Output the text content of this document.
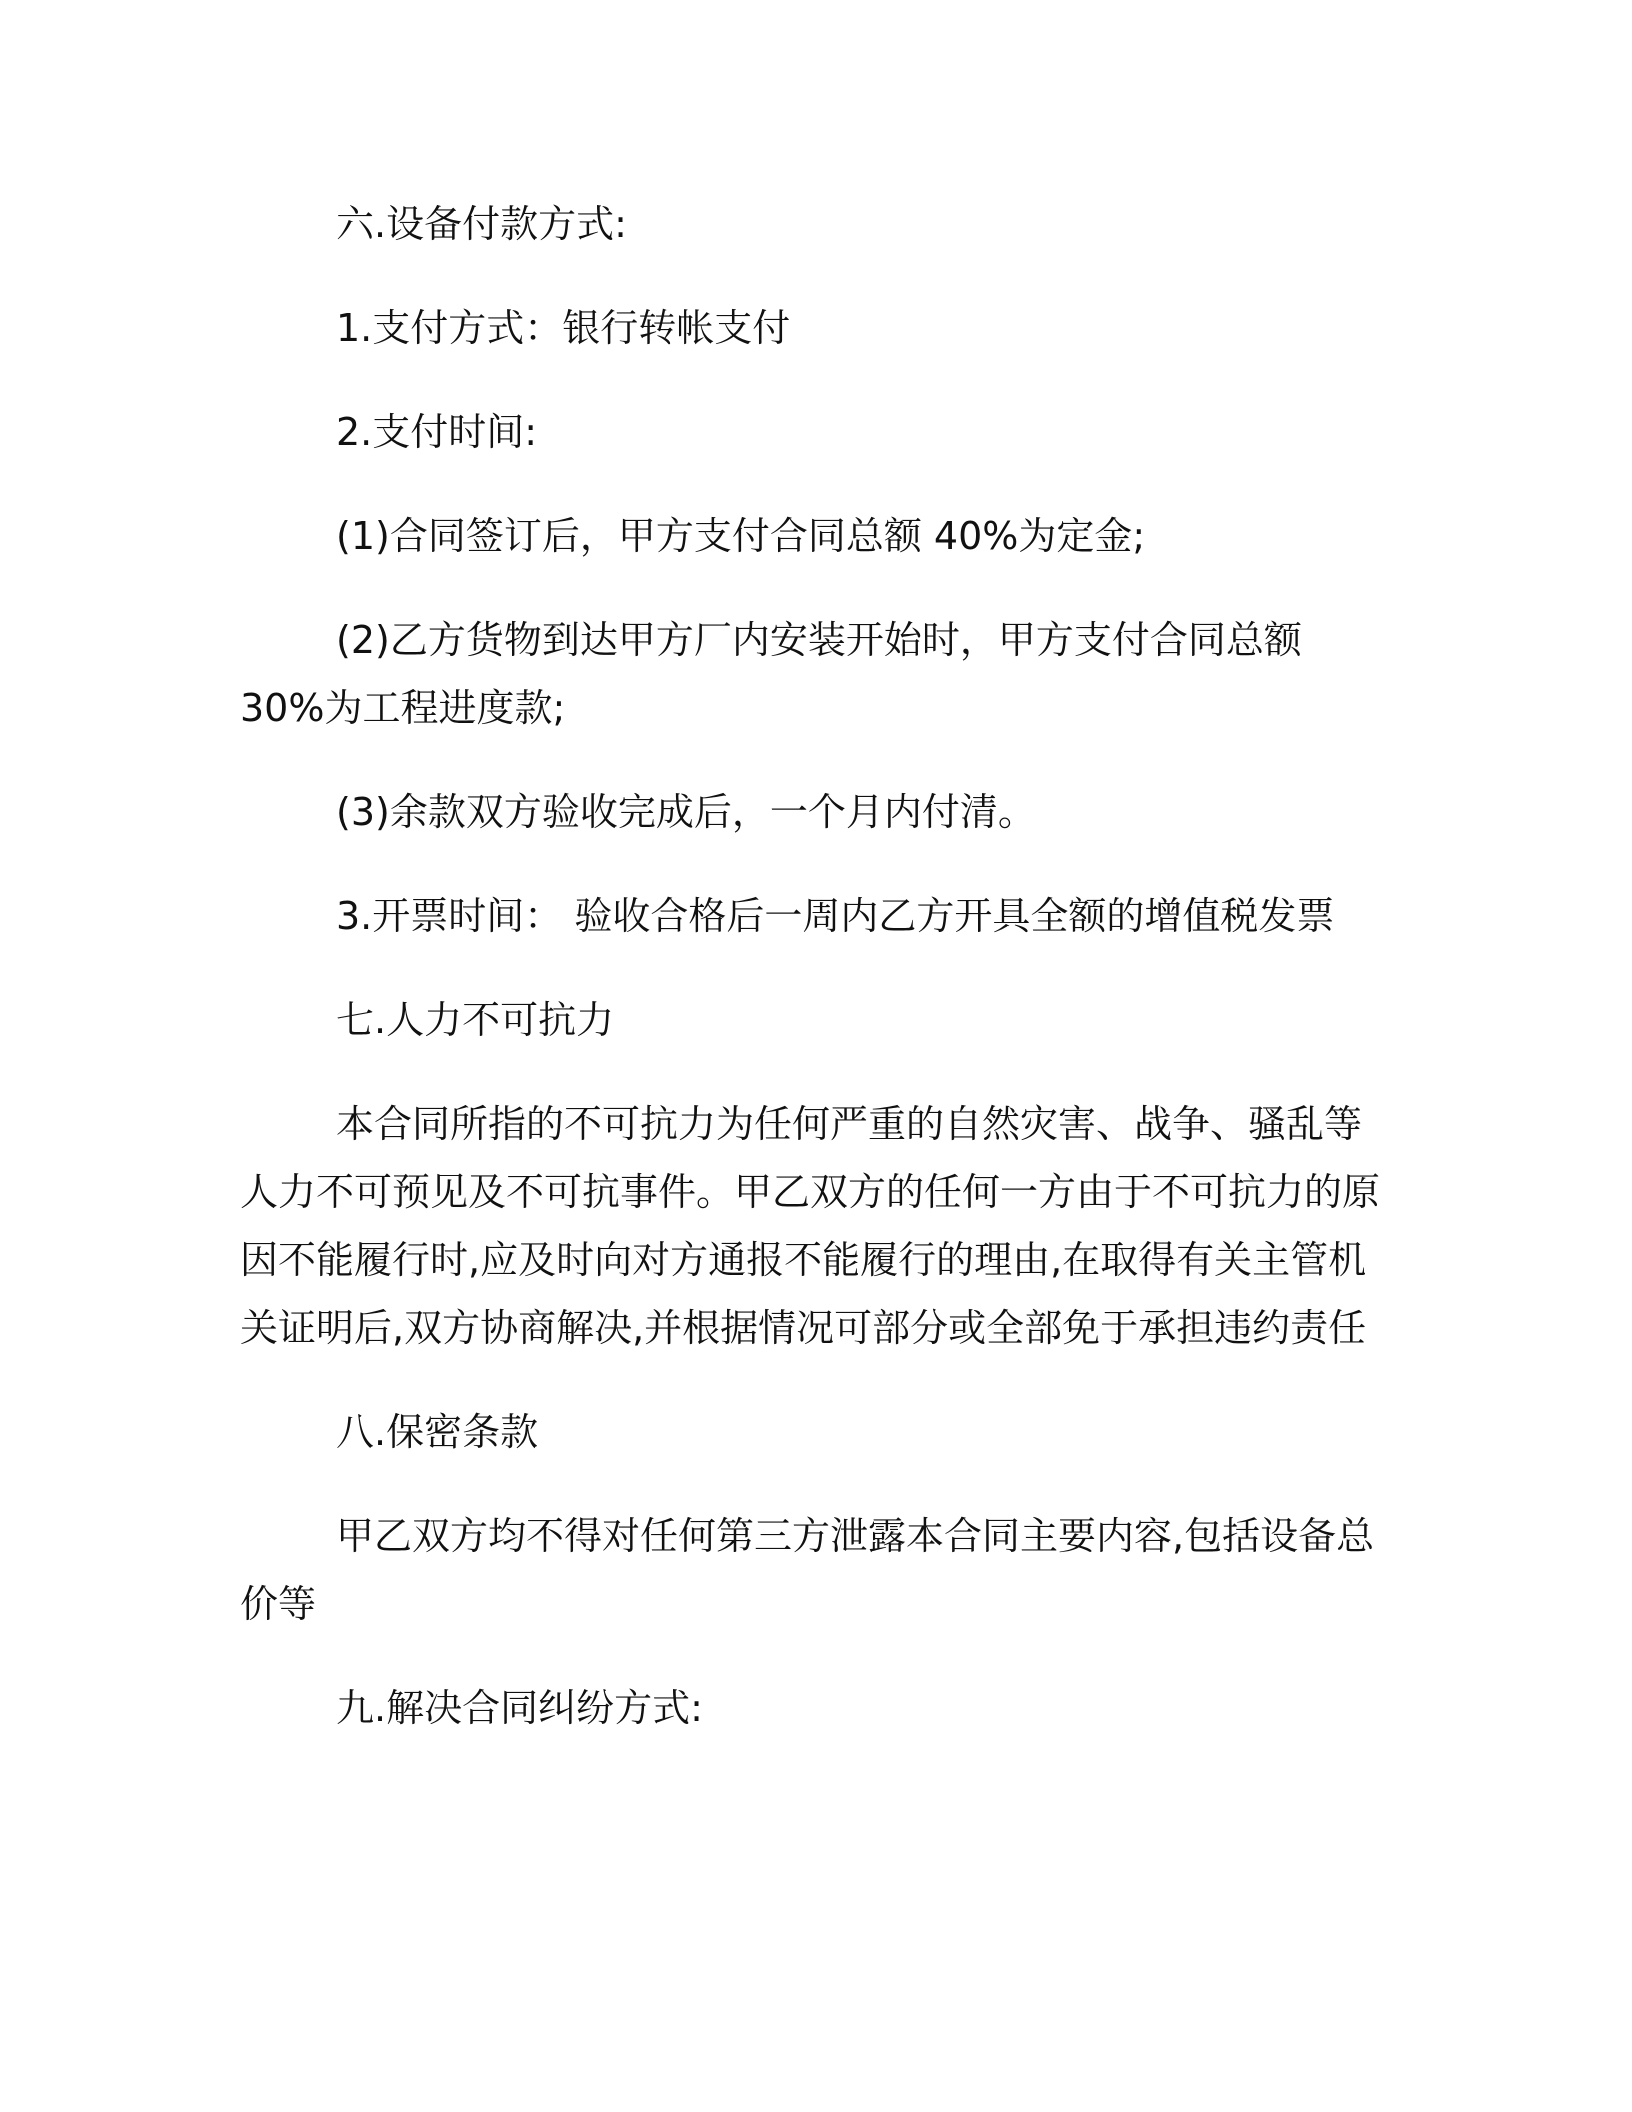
六.设备付款方式:

1.支付方式：银行转帐支付

2.支付时间:

(1)合同签订后，甲方支付合同总额 40%为定金;

(2)乙方货物到达甲方厂内安装开始时，甲方支付合同总额 30%为工程进度款;

(3)余款双方验收完成后，一个月内付清。

3.开票时间： 验收合格后一周内乙方开具全额的增值税发票

七.人力不可抗力

本合同所指的不可抗力为任何严重的自然灾害、战争、骚乱等人力不可预见及不可抗事件。甲乙双方的任何一方由于不可抗力的原因不能履行时,应及时向对方通报不能履行的理由,在取得有关主管机关证明后,双方协商解决,并根据情况可部分或全部免于承担违约责任

八.保密条款

甲乙双方均不得对任何第三方泄露本合同主要内容,包括设备总价等

九.解决合同纠纷方式:
